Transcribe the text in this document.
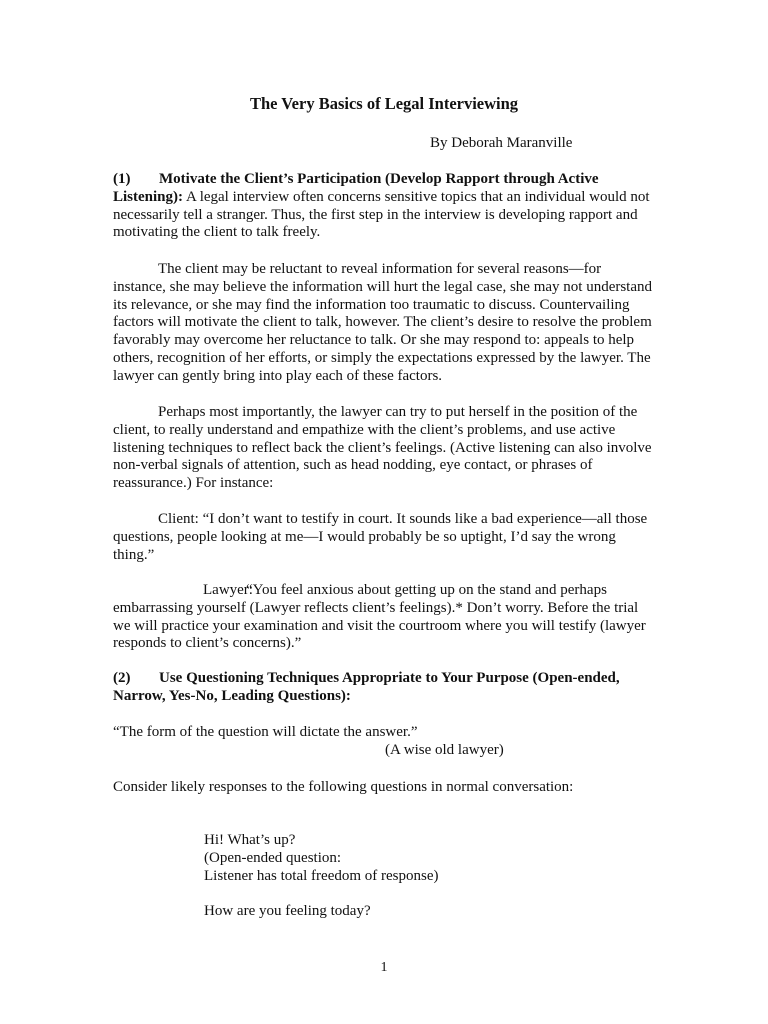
The Very Basics of Legal Interviewing
By Deborah Maranville

(1) Motivate the Client’s Participation (Develop Rapport through Active
Listening): A legal interview often concerns sensitive topics that an individual would not necessarily tell a stranger. Thus, the first step in the interview is developing rapport and motivating the client to talk freely.

The client may be reluctant to reveal information for several reasons—for instance, she may believe the information will hurt the legal case, she may not understand its relevance, or she may find the information too traumatic to discuss. Countervailing factors will motivate the client to talk, however. The client’s desire to resolve the problem favorably may overcome her reluctance to talk. Or she may respond to: appeals to help others, recognition of her efforts, or simply the expectations expressed by the lawyer. The lawyer can gently bring into play each of these factors.

Perhaps most importantly, the lawyer can try to put herself in the position of the client, to really understand and empathize with the client’s problems, and use active listening techniques to reflect back the client’s feelings. (Active listening can also involve non-verbal signals of attention, such as head nodding, eye contact, or phrases of reassurance.) For instance:

Client: “I don’t want to testify in court. It sounds like a bad experience—all those questions, people looking at me—I would probably be so uptight, I’d say the wrong thing.”

Lawyer:“You feel anxious about getting up on the stand and perhaps embarrassing yourself (Lawyer reflects client’s feelings).* Don’t worry. Before the trial we will practice your examination and visit the courtroom where you will testify (lawyer responds to client’s concerns).”

(2) Use Questioning Techniques Appropriate to Your Purpose (Open-ended,
Narrow, Yes-No, Leading Questions):

“The form of the question will dictate the answer.”

(A wise old lawyer)

Consider likely responses to the following questions in normal conversation:

Hi! What’s up?
(Open-ended question:
Listener has total freedom of response)
How are you feeling today?
1
